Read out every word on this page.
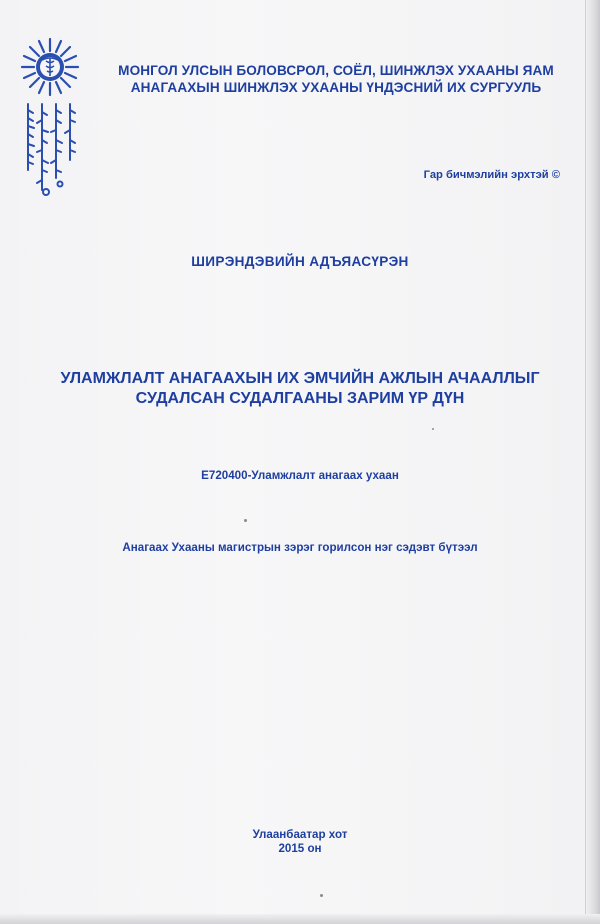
МОНГОЛ УЛСЫН БОЛОВСРОЛ, СОЁЛ, ШИНЖЛЭХ УХААНЫ ЯАМ
АНАГААХЫН ШИНЖЛЭХ УХААНЫ ҮНДЭСНИЙ ИХ СУРГУУЛЬ
Гар бичмэлийн эрхтэй ©
ШИРЭНДЭВИЙН АДЪЯАСҮРЭН
УЛАМЖЛАЛТ АНАГААХЫН ИХ ЭМЧИЙН АЖЛЫН АЧААЛЛЫГ
СУДАЛСАН СУДАЛГААНЫ ЗАРИМ ҮР ДҮН
Е720400-Уламжлалт анагаах ухаан
Анагаах Ухааны магистрын зэрэг горилсон нэг сэдэвт бүтээл
Улаанбаатар хот
2015 он
